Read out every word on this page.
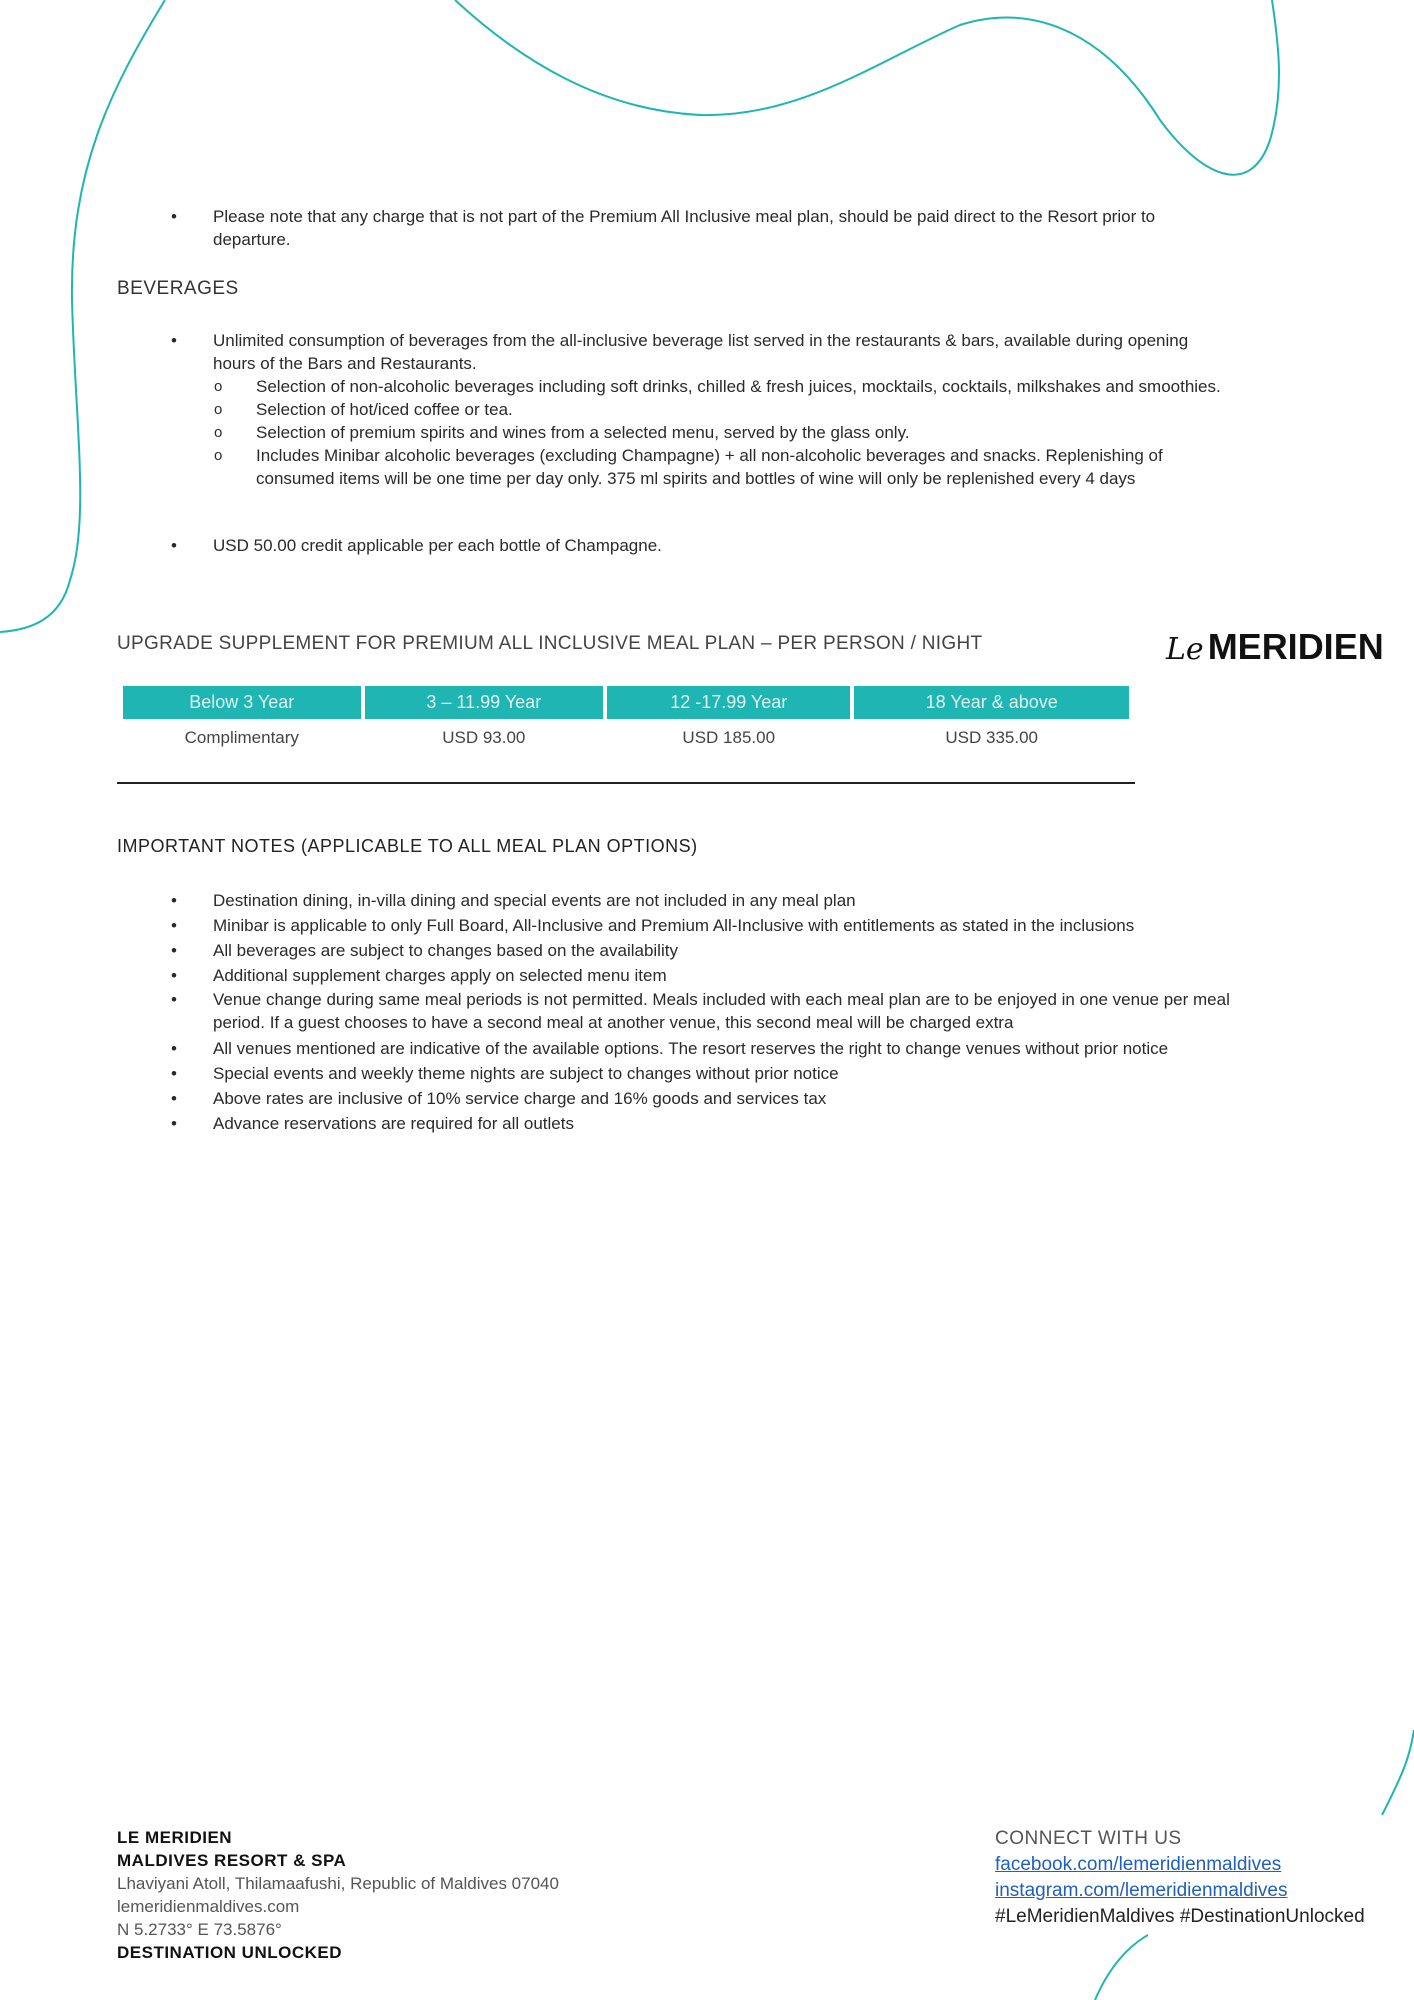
• Please note that any charge that is not part of the Premium All Inclusive meal plan, should be paid direct to the Resort prior to departure.
BEVERAGES
• Unlimited consumption of beverages from the all-inclusive beverage list served in the restaurants & bars, available during opening hours of the Bars and Restaurants.
o Selection of non-alcoholic beverages including soft drinks, chilled & fresh juices, mocktails, cocktails, milkshakes and smoothies.
o Selection of hot/iced coffee or tea.
o Selection of premium spirits and wines from a selected menu, served by the glass only.
o Includes Minibar alcoholic beverages (excluding Champagne) + all non-alcoholic beverages and snacks. Replenishing of consumed items will be one time per day only. 375 ml spirits and bottles of wine will only be replenished every 4 days
• USD 50.00 credit applicable per each bottle of Champagne.
UPGRADE SUPPLEMENT FOR PREMIUM ALL INCLUSIVE MEAL PLAN – PER PERSON / NIGHT	Le MERIDIEN
Below 3 Year	3 – 11.99 Year	12 -17.99 Year	18 Year & above
Complimentary	USD 93.00	USD 185.00	USD 335.00
IMPORTANT NOTES (APPLICABLE TO ALL MEAL PLAN OPTIONS)
• Destination dining, in-villa dining and special events are not included in any meal plan
• Minibar is applicable to only Full Board, All-Inclusive and Premium All-Inclusive with entitlements as stated in the inclusions
• All beverages are subject to changes based on the availability
• Additional supplement charges apply on selected menu item
• Venue change during same meal periods is not permitted. Meals included with each meal plan are to be enjoyed in one venue per meal period. If a guest chooses to have a second meal at another venue, this second meal will be charged extra
• All venues mentioned are indicative of the available options. The resort reserves the right to change venues without prior notice
• Special events and weekly theme nights are subject to changes without prior notice
• Above rates are inclusive of 10% service charge and 16% goods and services tax
• Advance reservations are required for all outlets
LE MERIDIEN
MALDIVES RESORT & SPA
Lhaviyani Atoll, Thilamaafushi, Republic of Maldives 07040
lemeridienmaldives.com
N 5.2733° E 73.5876°
DESTINATION UNLOCKED
CONNECT WITH US
facebook.com/lemeridienmaldives
instagram.com/lemeridienmaldives
#LeMeridienMaldives #DestinationUnlocked
